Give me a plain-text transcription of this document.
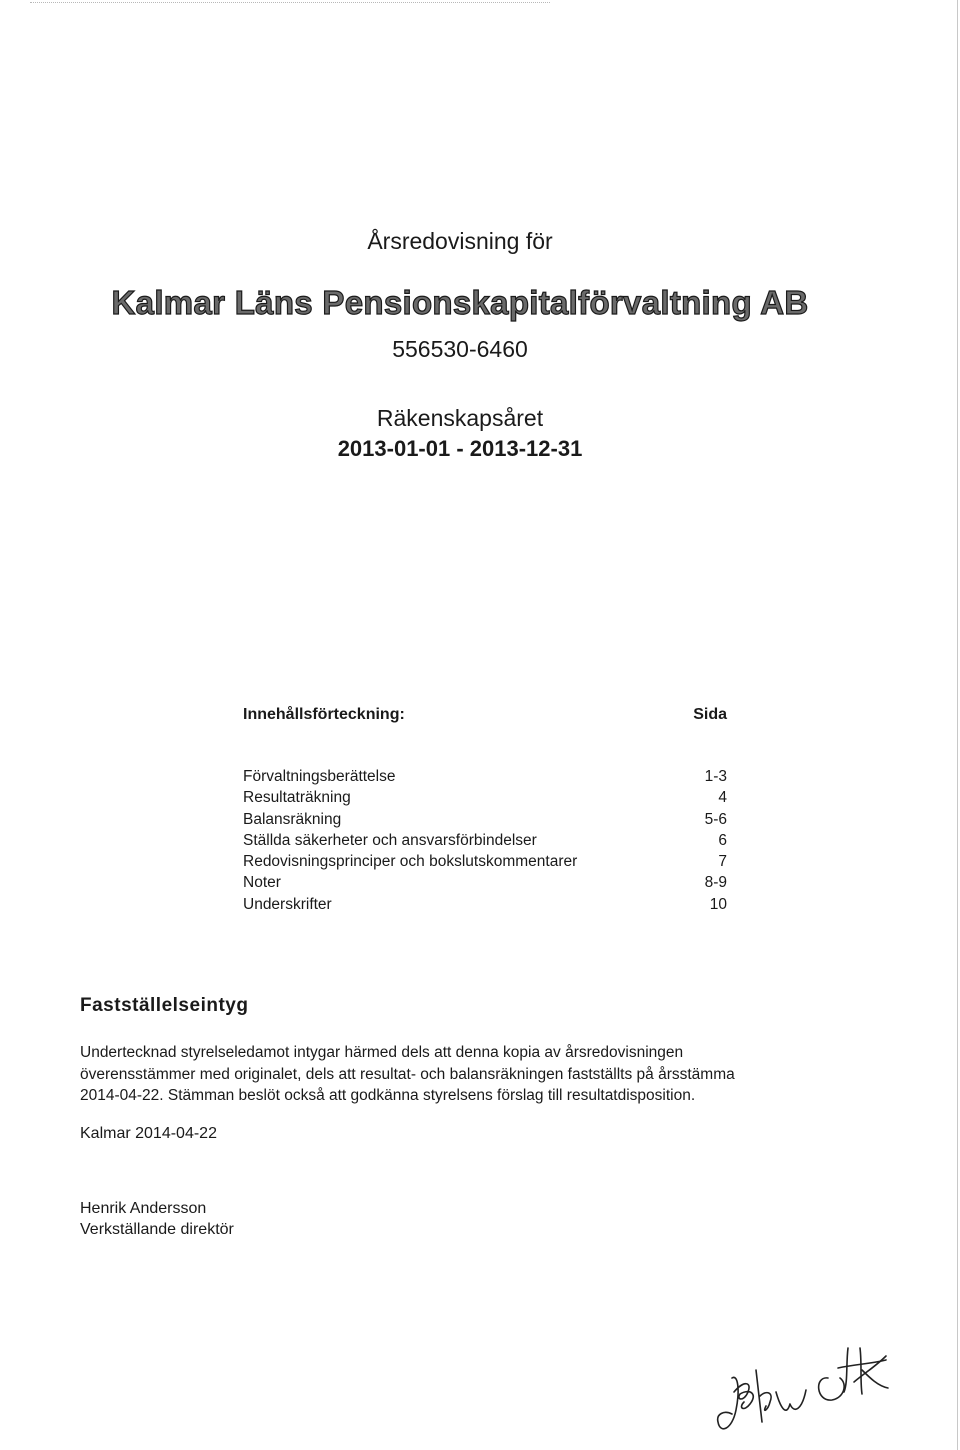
Årsredovisning för
Kalmar Läns Pensionskapitalförvaltning AB

556530-6460

Räkenskapsåret

2013-01-01 - 2013-12-31

Innehållsförteckning:	Sida
Förvaltningsberättelse	1-3
Resultaträkning	4
Balansräkning	5-6
Ställda säkerheter och ansvarsförbindelser	6
Redovisningsprinciper och bokslutskommentarer	7
Noter	8-9
Underskrifter	10
Fastställelseintyg

Undertecknad styrelseledamot intygar härmed dels att denna kopia av årsredovisningen
överensstämmer med originalet, dels att resultat- och balansräkningen fastställts på årsstämma
2014-04-22. Stämman beslöt också att godkänna styrelsens förslag till resultatdisposition.

Kalmar 2014-04-22

Henrik Andersson
Verkställande direktör
